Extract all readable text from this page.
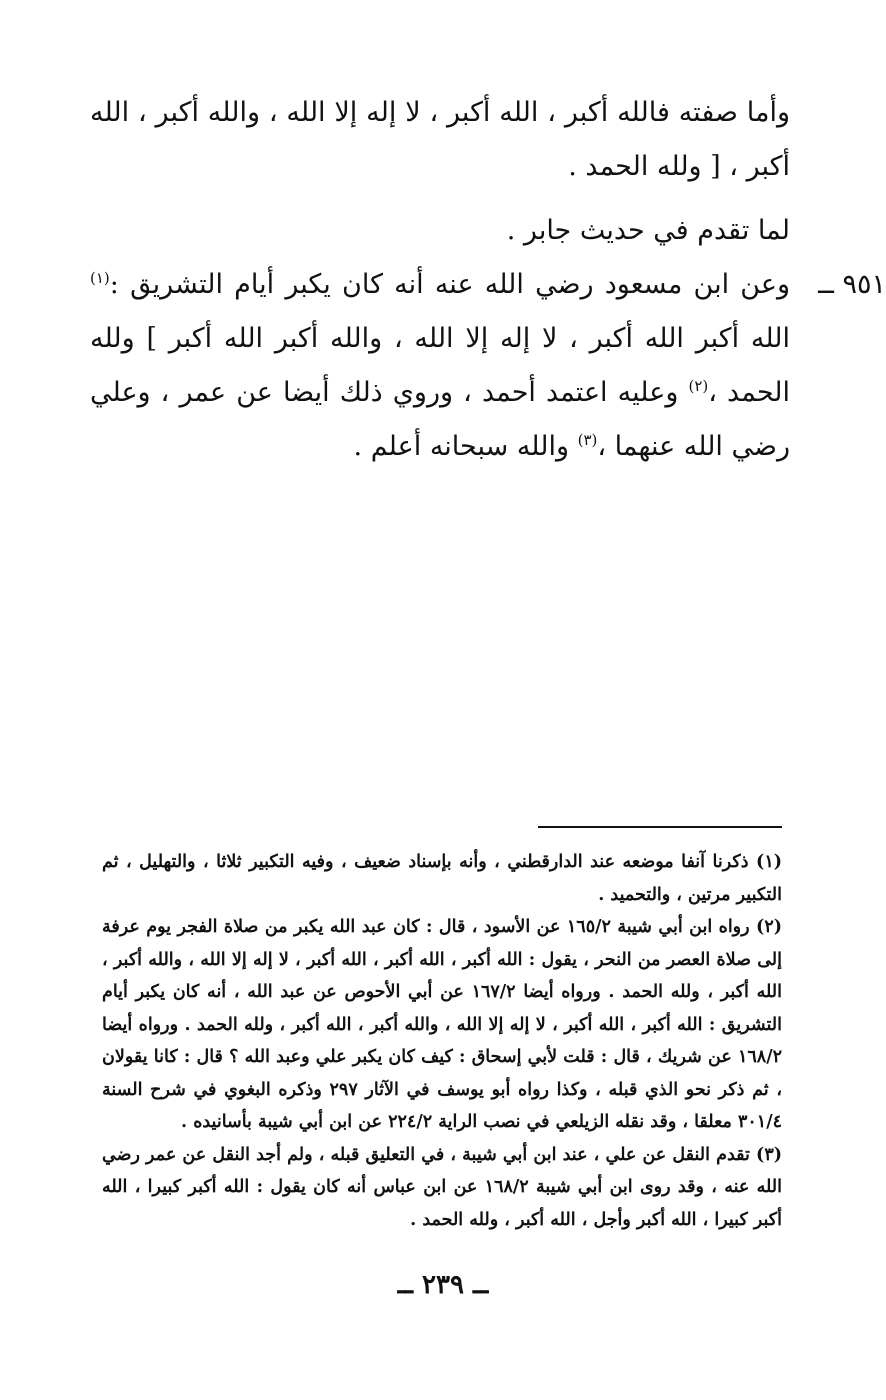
وأما صفته فالله أكبر ، الله أكبر ، لا إله إلا الله ، والله أكبر ، الله أكبر ، [ ولله الحمد .

لما تقدم في حديث جابر .

٩٥١ ــ
وعن ابن مسعود رضي الله عنه أنه كان يكبر أيام التشريق :$^{(١)}$ الله أكبر الله أكبر ، لا إله إلا الله ، والله أكبر الله أكبر ] ولله الحمد ،$^{(٢)}$ وعليه اعتمد أحمد ، وروي ذلك أيضا عن عمر ، وعلي رضي الله عنهما ،$^{(٣)}$ والله سبحانه أعلم .

(١) ذكرنا آنفا موضعه عند الدارقطني ، وأنه بإسناد ضعيف ، وفيه التكبير ثلاثا ، والتهليل ، ثم التكبير مرتين ، والتحميد .

(٢) رواه ابن أبي شيبة ١٦٥/٢ عن الأسود ، قال : كان عبد الله يكبر من صلاة الفجر يوم عرفة إلى صلاة العصر من النحر ، يقول : الله أكبر ، الله أكبر ، الله أكبر ، لا إله إلا الله ، والله أكبر ، الله أكبر ، ولله الحمد . ورواه أيضا ١٦٧/٢ عن أبي الأحوص عن عبد الله ، أنه كان يكبر أيام التشريق : الله أكبر ، الله أكبر ، لا إله إلا الله ، والله أكبر ، الله أكبر ، ولله الحمد . ورواه أيضا ١٦٨/٢ عن شريك ، قال : قلت لأبي إسحاق : كيف كان يكبر علي وعبد الله ؟ قال : كانا يقولان ، ثم ذكر نحو الذي قبله ، وكذا رواه أبو يوسف في الآثار ٢٩٧ وذكره البغوي في شرح السنة ٣٠١/٤ معلقا ، وقد نقله الزيلعي في نصب الراية ٢٢٤/٢ عن ابن أبي شيبة بأسانيده .

(٣) تقدم النقل عن علي ، عند ابن أبي شيبة ، في التعليق قبله ، ولم أجد النقل عن عمر رضي الله عنه ، وقد روى ابن أبي شيبة ١٦٨/٢ عن ابن عباس أنه كان يقول : الله أكبر كبيرا ، الله أكبر كبيرا ، الله أكبر وأجل ، الله أكبر ، ولله الحمد .

ــ ٢٣٩ ــ
